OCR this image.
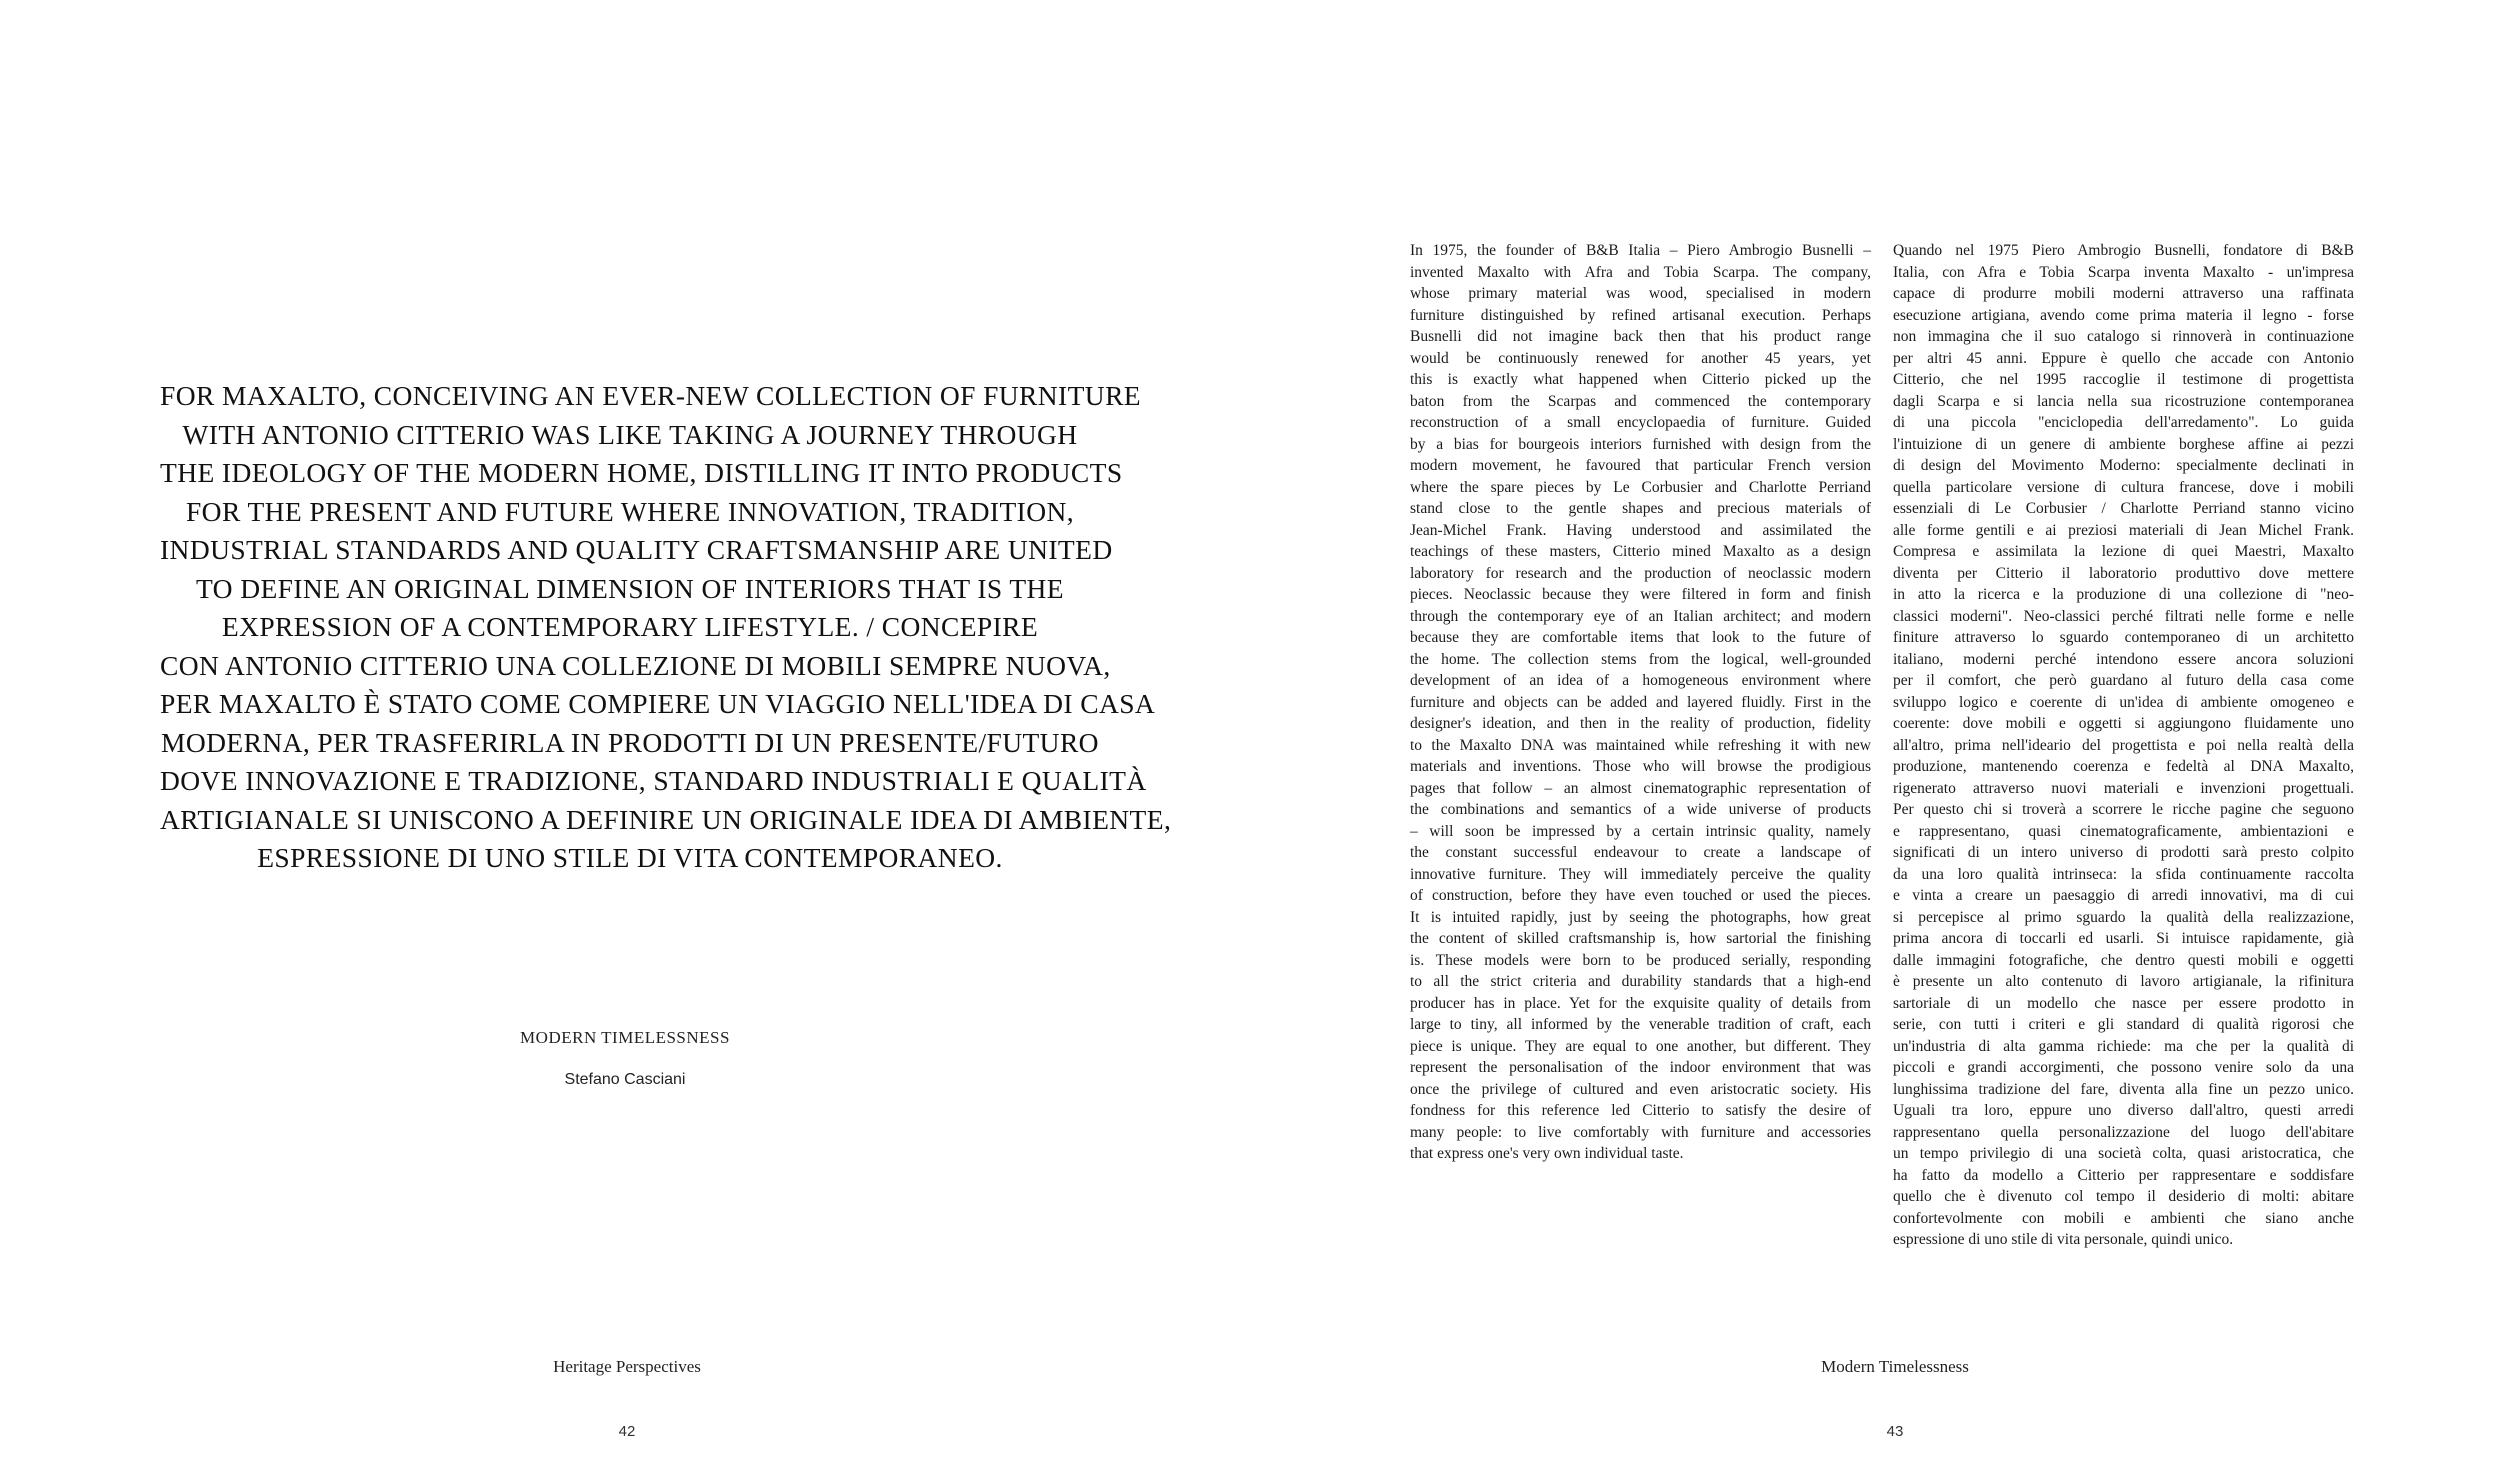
FOR MAXALTO, CONCEIVING AN EVER-NEW COLLECTION OF FURNITURE
WITH ANTONIO CITTERIO WAS LIKE TAKING A JOURNEY THROUGH
THE IDEOLOGY OF THE MODERN HOME, DISTILLING IT INTO PRODUCTS
FOR THE PRESENT AND FUTURE WHERE INNOVATION, TRADITION,
INDUSTRIAL STANDARDS AND QUALITY CRAFTSMANSHIP ARE UNITED
TO DEFINE AN ORIGINAL DIMENSION OF INTERIORS THAT IS THE
EXPRESSION OF A CONTEMPORARY LIFESTYLE. / CONCEPIRE
CON ANTONIO CITTERIO UNA COLLEZIONE DI MOBILI SEMPRE NUOVA,
PER MAXALTO È STATO COME COMPIERE UN VIAGGIO NELL'IDEA DI CASA
MODERNA, PER TRASFERIRLA IN PRODOTTI DI UN PRESENTE/FUTURO
DOVE INNOVAZIONE E TRADIZIONE, STANDARD INDUSTRIALI E QUALITÀ
ARTIGIANALE SI UNISCONO A DEFINIRE UN ORIGINALE IDEA DI AMBIENTE,
ESPRESSIONE DI UNO STILE DI VITA CONTEMPORANEO.
MODERN TIMELESSNESS
Stefano Casciani
Heritage Perspectives
42
In 1975, the founder of B&B Italia – Piero Ambrogio Busnelli –
invented Maxalto with Afra and Tobia Scarpa. The company,
whose primary material was wood, specialised in modern
furniture distinguished by refined artisanal execution. Perhaps
Busnelli did not imagine back then that his product range
would be continuously renewed for another 45 years, yet
this is exactly what happened when Citterio picked up the
baton from the Scarpas and commenced the contemporary
reconstruction of a small encyclopaedia of furniture. Guided
by a bias for bourgeois interiors furnished with design from the
modern movement, he favoured that particular French version
where the spare pieces by Le Corbusier and Charlotte Perriand
stand close to the gentle shapes and precious materials of
Jean-Michel Frank. Having understood and assimilated the
teachings of these masters, Citterio mined Maxalto as a design
laboratory for research and the production of neoclassic modern
pieces. Neoclassic because they were filtered in form and finish
through the contemporary eye of an Italian architect; and modern
because they are comfortable items that look to the future of
the home. The collection stems from the logical, well-grounded
development of an idea of a homogeneous environment where
furniture and objects can be added and layered fluidly. First in the
designer's ideation, and then in the reality of production, fidelity
to the Maxalto DNA was maintained while refreshing it with new
materials and inventions. Those who will browse the prodigious
pages that follow – an almost cinematographic representation of
the combinations and semantics of a wide universe of products
– will soon be impressed by a certain intrinsic quality, namely
the constant successful endeavour to create a landscape of
innovative furniture. They will immediately perceive the quality
of construction, before they have even touched or used the pieces.
It is intuited rapidly, just by seeing the photographs, how great
the content of skilled craftsmanship is, how sartorial the finishing
is. These models were born to be produced serially, responding
to all the strict criteria and durability standards that a high-end
producer has in place. Yet for the exquisite quality of details from
large to tiny, all informed by the venerable tradition of craft, each
piece is unique. They are equal to one another, but different. They
represent the personalisation of the indoor environment that was
once the privilege of cultured and even aristocratic society. His
fondness for this reference led Citterio to satisfy the desire of
many people: to live comfortably with furniture and accessories
that express one's very own individual taste.
Quando nel 1975 Piero Ambrogio Busnelli, fondatore di B&B
Italia, con Afra e Tobia Scarpa inventa Maxalto - un'impresa
capace di produrre mobili moderni attraverso una raffinata
esecuzione artigiana, avendo come prima materia il legno - forse
non immagina che il suo catalogo si rinnoverà in continuazione
per altri 45 anni. Eppure è quello che accade con Antonio
Citterio, che nel 1995 raccoglie il testimone di progettista
dagli Scarpa e si lancia nella sua ricostruzione contemporanea
di una piccola "enciclopedia dell'arredamento". Lo guida
l'intuizione di un genere di ambiente borghese affine ai pezzi
di design del Movimento Moderno: specialmente declinati in
quella particolare versione di cultura francese, dove i mobili
essenziali di Le Corbusier / Charlotte Perriand stanno vicino
alle forme gentili e ai preziosi materiali di Jean Michel Frank.
Compresa e assimilata la lezione di quei Maestri, Maxalto
diventa per Citterio il laboratorio produttivo dove mettere
in atto la ricerca e la produzione di una collezione di "neo-
classici moderni". Neo-classici perché filtrati nelle forme e nelle
finiture attraverso lo sguardo contemporaneo di un architetto
italiano, moderni perché intendono essere ancora soluzioni
per il comfort, che però guardano al futuro della casa come
sviluppo logico e coerente di un'idea di ambiente omogeneo e
coerente: dove mobili e oggetti si aggiungono fluidamente uno
all'altro, prima nell'ideario del progettista e poi nella realtà della
produzione, mantenendo coerenza e fedeltà al DNA Maxalto,
rigenerato attraverso nuovi materiali e invenzioni progettuali.
Per questo chi si troverà a scorrere le ricche pagine che seguono
e rappresentano, quasi cinematograficamente, ambientazioni e
significati di un intero universo di prodotti sarà presto colpito
da una loro qualità intrinseca: la sfida continuamente raccolta
e vinta a creare un paesaggio di arredi innovativi, ma di cui
si percepisce al primo sguardo la qualità della realizzazione,
prima ancora di toccarli ed usarli. Si intuisce rapidamente, già
dalle immagini fotografiche, che dentro questi mobili e oggetti
è presente un alto contenuto di lavoro artigianale, la rifinitura
sartoriale di un modello che nasce per essere prodotto in
serie, con tutti i criteri e gli standard di qualità rigorosi che
un'industria di alta gamma richiede: ma che per la qualità di
piccoli e grandi accorgimenti, che possono venire solo da una
lunghissima tradizione del fare, diventa alla fine un pezzo unico.
Uguali tra loro, eppure uno diverso dall'altro, questi arredi
rappresentano quella personalizzazione del luogo dell'abitare
un tempo privilegio di una società colta, quasi aristocratica, che
ha fatto da modello a Citterio per rappresentare e soddisfare
quello che è divenuto col tempo il desiderio di molti: abitare
confortevolmente con mobili e ambienti che siano anche
espressione di uno stile di vita personale, quindi unico.
Modern Timelessness
43
